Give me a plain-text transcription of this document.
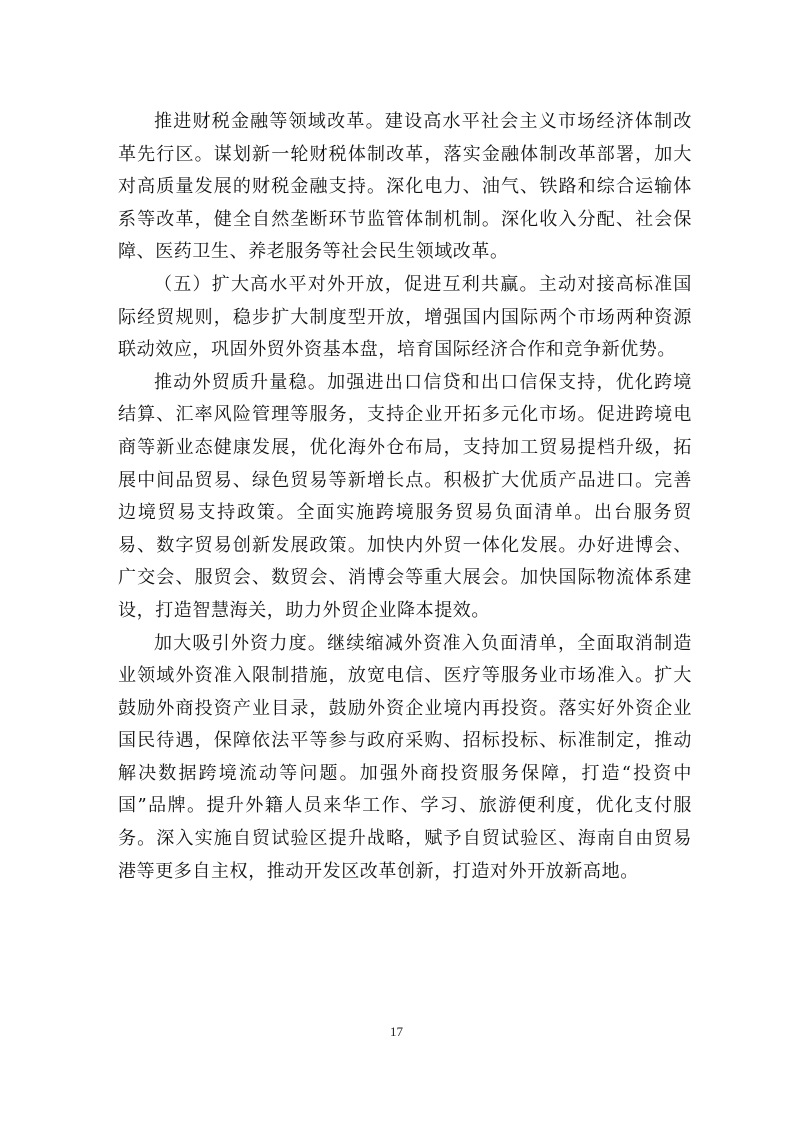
推进财税金融等领域改革。建设高水平社会主义市场经济体制改革先行区。谋划新一轮财税体制改革，落实金融体制改革部署，加大对高质量发展的财税金融支持。深化电力、油气、铁路和综合运输体系等改革，健全自然垄断环节监管体制机制。深化收入分配、社会保障、医药卫生、养老服务等社会民生领域改革。

（五）扩大高水平对外开放，促进互利共赢。主动对接高标准国际经贸规则，稳步扩大制度型开放，增强国内国际两个市场两种资源联动效应，巩固外贸外资基本盘，培育国际经济合作和竞争新优势。

推动外贸质升量稳。加强进出口信贷和出口信保支持，优化跨境结算、汇率风险管理等服务，支持企业开拓多元化市场。促进跨境电商等新业态健康发展，优化海外仓布局，支持加工贸易提档升级，拓展中间品贸易、绿色贸易等新增长点。积极扩大优质产品进口。完善边境贸易支持政策。全面实施跨境服务贸易负面清单。出台服务贸易、数字贸易创新发展政策。加快内外贸一体化发展。办好进博会、广交会、服贸会、数贸会、消博会等重大展会。加快国际物流体系建设，打造智慧海关，助力外贸企业降本提效。

加大吸引外资力度。继续缩减外资准入负面清单，全面取消制造业领域外资准入限制措施，放宽电信、医疗等服务业市场准入。扩大鼓励外商投资产业目录，鼓励外资企业境内再投资。落实好外资企业国民待遇，保障依法平等参与政府采购、招标投标、标准制定，推动解决数据跨境流动等问题。加强外商投资服务保障，打造“投资中国”品牌。提升外籍人员来华工作、学习、旅游便利度，优化支付服务。深入实施自贸试验区提升战略，赋予自贸试验区、海南自由贸易港等更多自主权，推动开发区改革创新，打造对外开放新高地。

17
